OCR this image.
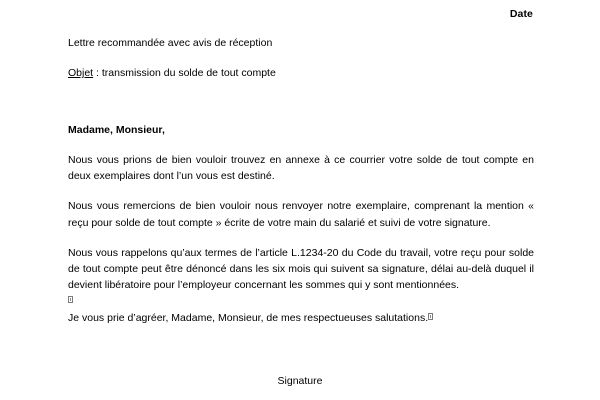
Date
Lettre recommandée avec avis de réception
Objet : transmission du solde de tout compte
Madame, Monsieur,

Nous vous prions de bien vouloir trouvez en annexe à ce courrier votre solde de tout compte en deux exemplaires dont l’un vous est destiné.

Nous vous remercions de bien vouloir nous renvoyer notre exemplaire, comprenant la mention « reçu pour solde de tout compte » écrite de votre main du salarié et suivi de votre signature.

Nous vous rappelons qu’aux termes de l’article L.1234-20 du Code du travail, votre reçu pour solde de tout compte peut être dénoncé dans les six mois qui suivent sa signature, délai au-delà duquel il devient libératoire pour l’employeur concernant les sommes qui y sont mentionnées.

Je vous prie d’agréer, Madame, Monsieur, de mes respectueuses salutations.

Signature
